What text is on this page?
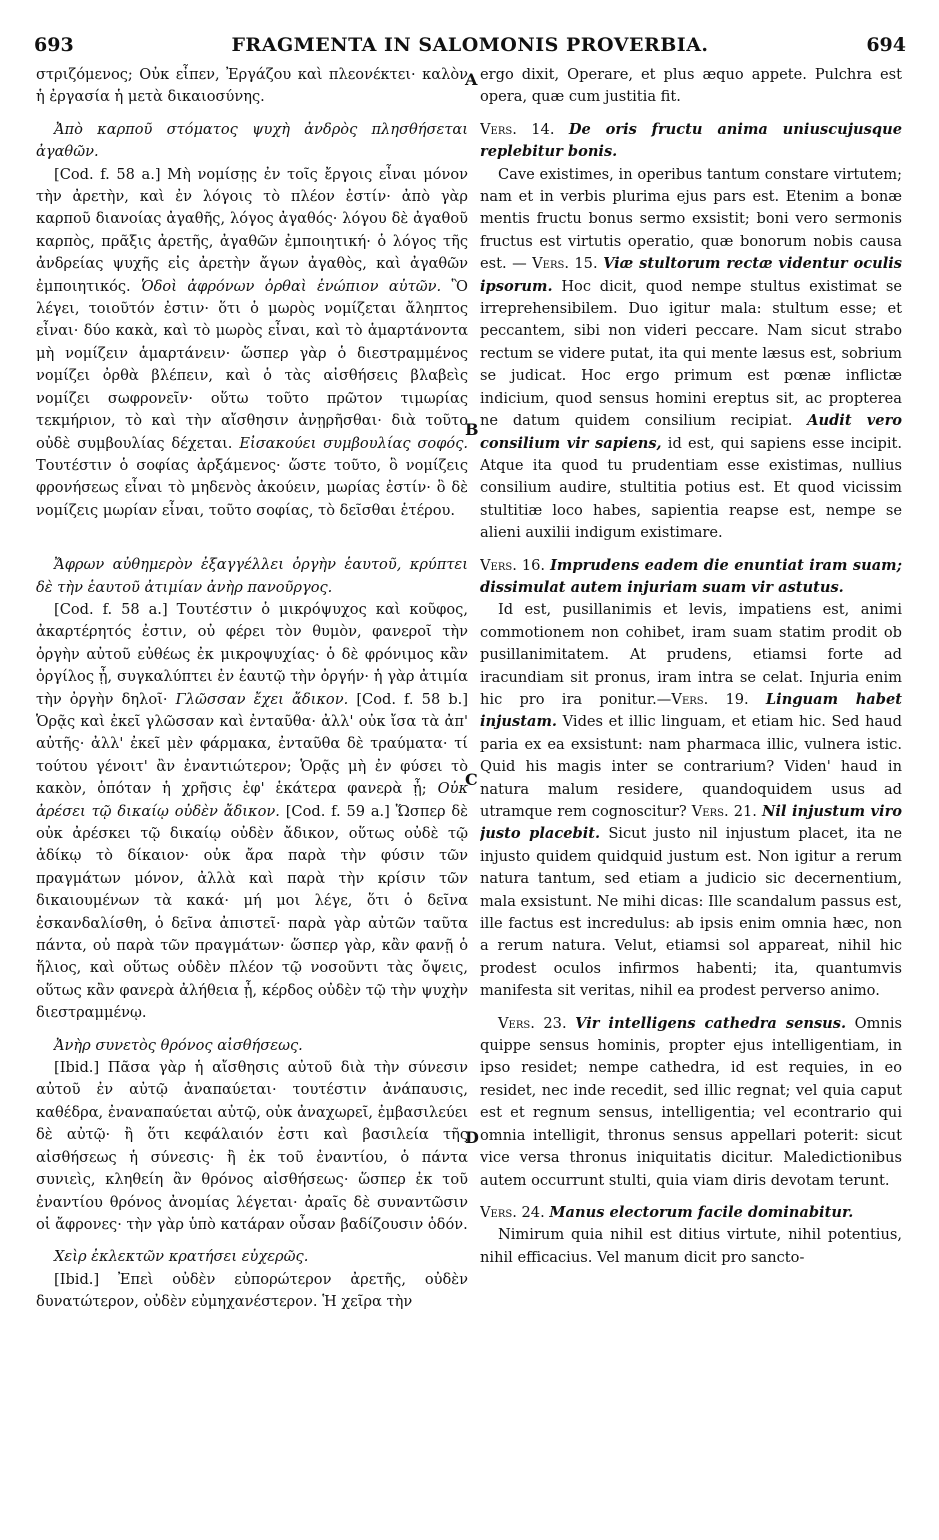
693	FRAGMENTA IN SALOMONIS PROVERBIA.	694
A
B
C
D

στριζόμενος; Οὐκ εἶπεν, Ἐργάζου καὶ πλεονέκτει· καλὸν ἡ ἐργασία ἡ μετὰ δικαιοσύνης.

Ἀπὸ καρποῦ στόματος ψυχὴ ἀνδρὸς πλησθήσεται ἀγαθῶν.

[Cod. f. 58 a.] Μὴ νομίσῃς ἐν τοῖς ἔργοις εἶναι μόνον τὴν ἀρετὴν, καὶ ἐν λόγοις τὸ πλέον ἐστίν· ἀπὸ γὰρ καρποῦ διανοίας ἀγαθῆς, λόγος ἀγαθός· λόγου δὲ ἀγαθοῦ καρπὸς, πρᾶξις ἀρετῆς, ἀγαθῶν ἐμποιητική· ὁ λόγος τῆς ἀνδρείας ψυχῆς εἰς ἀρετὴν ἄγων ἀγαθὸς, καὶ ἀγαθῶν ἐμποιητικός. Ὁδοὶ ἀφρόνων ὀρθαὶ ἐνώπιον αὐτῶν. Ὃ λέγει, τοιοῦτόν ἐστιν· ὅτι ὁ μωρὸς νομίζεται ἄληπτος εἶναι· δύο κακὰ, καὶ τὸ μωρὸς εἶναι, καὶ τὸ ἁμαρτάνοντα μὴ νομίζειν ἁμαρτάνειν· ὥσπερ γὰρ ὁ διεστραμμένος νομίζει ὀρθὰ βλέπειν, καὶ ὁ τὰς αἰσθήσεις βλαβεὶς νομίζει σωφρονεῖν· οὕτω τοῦτο πρῶτον τιμωρίας τεκμήριον, τὸ καὶ τὴν αἴσθησιν ἀνῃρῆσθαι· διὰ τοῦτο οὐδὲ συμβουλίας δέχεται. Εἰσακούει συμβουλίας σοφός. Τουτέστιν ὁ σοφίας ἀρξάμενος· ὥστε τοῦτο, ὃ νομίζεις φρονήσεως εἶναι τὸ μηδενὸς ἀκούειν, μωρίας ἐστίν· ὃ δὲ νομίζεις μωρίαν εἶναι, τοῦτο σοφίας, τὸ δεῖσθαι ἑτέρου.

Ἄφρων αὐθημερὸν ἐξαγγέλλει ὀργὴν ἑαυτοῦ, κρύπτει δὲ τὴν ἑαυτοῦ ἀτιμίαν ἀνὴρ πανοῦργος.

[Cod. f. 58 a.] Τουτέστιν ὁ μικρόψυχος καὶ κοῦφος, ἀκαρτέρητός ἐστιν, οὐ φέρει τὸν θυμὸν, φανεροῖ τὴν ὀργὴν αὐτοῦ εὐθέως ἐκ μικροψυχίας· ὁ δὲ φρόνιμος κἂν ὀργίλος ᾖ, συγκαλύπτει ἐν ἑαυτῷ τὴν ὀργήν· ἡ γὰρ ἀτιμία τὴν ὀργὴν δηλοῖ· Γλῶσσαν ἔχει ἄδικον. [Cod. f. 58 b.] Ὁρᾷς καὶ ἐκεῖ γλῶσσαν καὶ ἐνταῦθα· ἀλλ' οὐκ ἴσα τὰ ἀπ' αὐτῆς· ἀλλ' ἐκεῖ μὲν φάρμακα, ἐνταῦθα δὲ τραύματα· τί τούτου γένοιτ' ἂν ἐναντιώτερον; Ὁρᾷς μὴ ἐν φύσει τὸ κακὸν, ὁπόταν ἡ χρῆσις ἐφ' ἑκάτερα φανερὰ ᾖ; Οὐκ ἀρέσει τῷ δικαίῳ οὐδὲν ἄδικον. [Cod. f. 59 a.] Ὥσπερ δὲ οὐκ ἀρέσκει τῷ δικαίῳ οὐδὲν ἄδικον, οὕτως οὐδὲ τῷ ἀδίκῳ τὸ δίκαιον· οὐκ ἄρα παρὰ τὴν φύσιν τῶν πραγμάτων μόνον, ἀλλὰ καὶ παρὰ τὴν κρίσιν τῶν δικαιουμένων τὰ κακά· μή μοι λέγε, ὅτι ὁ δεῖνα ἐσκανδαλίσθη, ὁ δεῖνα ἀπιστεῖ· παρὰ γὰρ αὐτῶν ταῦτα πάντα, οὐ παρὰ τῶν πραγμάτων· ὥσπερ γὰρ, κἂν φανῇ ὁ ἥλιος, καὶ οὕτως οὐδὲν πλέον τῷ νοσοῦντι τὰς ὄψεις, οὕτως κἂν φανερὰ ἀλήθεια ᾖ, κέρδος οὐδὲν τῷ τὴν ψυχὴν διεστραμμένῳ.

Ἀνὴρ συνετὸς θρόνος αἰσθήσεως.

[Ibid.] Πᾶσα γὰρ ἡ αἴσθησις αὐτοῦ διὰ τὴν σύνεσιν αὐτοῦ ἐν αὐτῷ ἀναπαύεται· τουτέστιν ἀνάπαυσις, καθέδρα, ἐναναπαύεται αὐτῷ, οὐκ ἀναχωρεῖ, ἐμβασιλεύει δὲ αὐτῷ· ἢ ὅτι κεφάλαιόν ἐστι καὶ βασιλεία τῆς αἰσθήσεως ἡ σύνεσις· ἢ ἐκ τοῦ ἐναντίου, ὁ πάντα συνιεὶς, κληθείη ἂν θρόνος αἰσθήσεως· ὥσπερ ἐκ τοῦ ἐναντίου θρόνος ἀνομίας λέγεται· ἀραῖς δὲ συναντῶσιν οἱ ἄφρονες· τὴν γὰρ ὑπὸ κατάραν οὖσαν βαδίζουσιν ὁδόν.

Χεὶρ ἐκλεκτῶν κρατήσει εὐχερῶς.

[Ibid.] Ἐπεὶ οὐδὲν εὐπορώτερον ἀρετῆς, οὐδὲν δυνατώτερον, οὐδὲν εὐμηχανέστερον. Ἡ χεῖρα τὴν

ergo dixit, Operare, et plus æquo appete. Pulchra est opera, quæ cum justitia fit.

Vers. 14. De oris fructu anima uniuscujusque replebitur bonis.

Cave existimes, in operibus tantum constare virtutem; nam et in verbis plurima ejus pars est. Etenim a bonæ mentis fructu bonus sermo exsistit; boni vero sermonis fructus est virtutis operatio, quæ bonorum nobis causa est. — Vers. 15. Viæ stultorum rectæ videntur oculis ipsorum. Hoc dicit, quod nempe stultus existimat se irreprehensibilem. Duo igitur mala: stultum esse; et peccantem, sibi non videri peccare. Nam sicut strabo rectum se videre putat, ita qui mente læsus est, sobrium se judicat. Hoc ergo primum est pœnæ inflictæ indicium, quod sensus homini ereptus sit, ac propterea ne datum quidem consilium recipiat. Audit vero consilium vir sapiens, id est, qui sapiens esse incipit. Atque ita quod tu prudentiam esse existimas, nullius consilium audire, stultitia potius est. Et quod vicissim stultitiæ loco habes, sapientia reapse est, nempe se alieni auxilii indigum existimare.

Vers. 16. Imprudens eadem die enuntiat iram suam; dissimulat autem injuriam suam vir astutus.

Id est, pusillanimis et levis, impatiens est, animi commotionem non cohibet, iram suam statim prodit ob pusillanimitatem. At prudens, etiamsi forte ad iracundiam sit pronus, iram intra se celat. Injuria enim hic pro ira ponitur.—Vers. 19. Linguam habet injustam. Vides et illic linguam, et etiam hic. Sed haud paria ex ea exsistunt: nam pharmaca illic, vulnera istic. Quid his magis inter se contrarium? Viden' haud in natura malum residere, quandoquidem usus ad utramque rem cognoscitur? Vers. 21. Nil injustum viro justo placebit. Sicut justo nil injustum placet, ita ne injusto quidem quidquid justum est. Non igitur a rerum natura tantum, sed etiam a judicio sic decernentium, mala exsistunt. Ne mihi dicas: Ille scandalum passus est, ille factus est incredulus: ab ipsis enim omnia hæc, non a rerum natura. Velut, etiamsi sol appareat, nihil hic prodest oculos infirmos habenti; ita, quantumvis manifesta sit veritas, nihil ea prodest perverso animo.

Vers. 23. Vir intelligens cathedra sensus. Omnis quippe sensus hominis, propter ejus intelligentiam, in ipso residet; nempe cathedra, id est requies, in eo residet, nec inde recedit, sed illic regnat; vel quia caput est et regnum sensus, intelligentia; vel econtrario qui omnia intelligit, thronus sensus appellari poterit: sicut vice versa thronus iniquitatis dicitur. Maledictionibus autem occurrunt stulti, quia viam diris devotam terunt.

Vers. 24. Manus electorum facile dominabitur.

Nimirum quia nihil est ditius virtute, nihil potentius, nihil efficacius. Vel manum dicit pro sancto-
